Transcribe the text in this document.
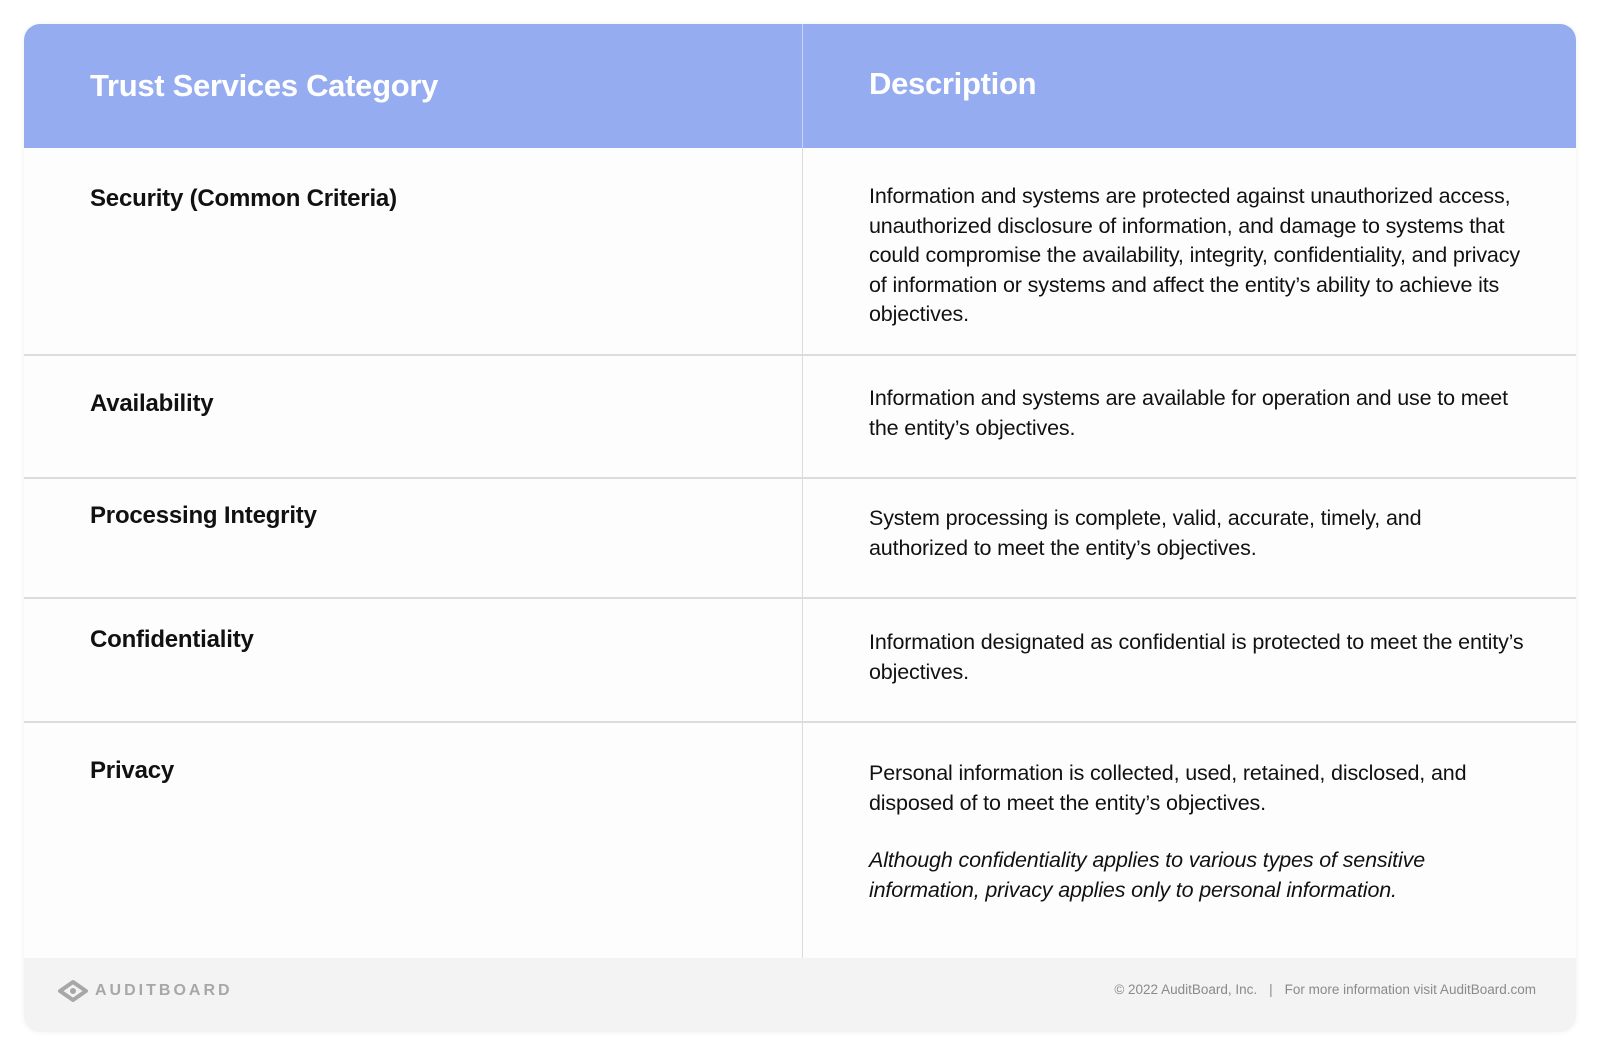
Trust Services Category	Description
Security (Common Criteria)	Information and systems are protected against unauthorized access, unauthorized disclosure of information, and damage to systems that could compromise the availability, integrity, confidentiality, and privacy of information or systems and affect the entity’s ability to achieve its objectives.
Availability	Information and systems are available for operation and use to meet the entity’s objectives.
Processing Integrity	System processing is complete, valid, accurate, timely, and authorized to meet the entity’s objectives.
Confidentiality	Information designated as confidential is protected to meet the entity’s objectives.
Privacy	Personal information is collected, used, retained, disclosed, and disposed of to meet the entity’s objectives.
Although confidentiality applies to various types of sensitive information, privacy applies only to personal information.
AUDITBOARD	© 2022 AuditBoard, Inc. | For more information visit AuditBoard.com
